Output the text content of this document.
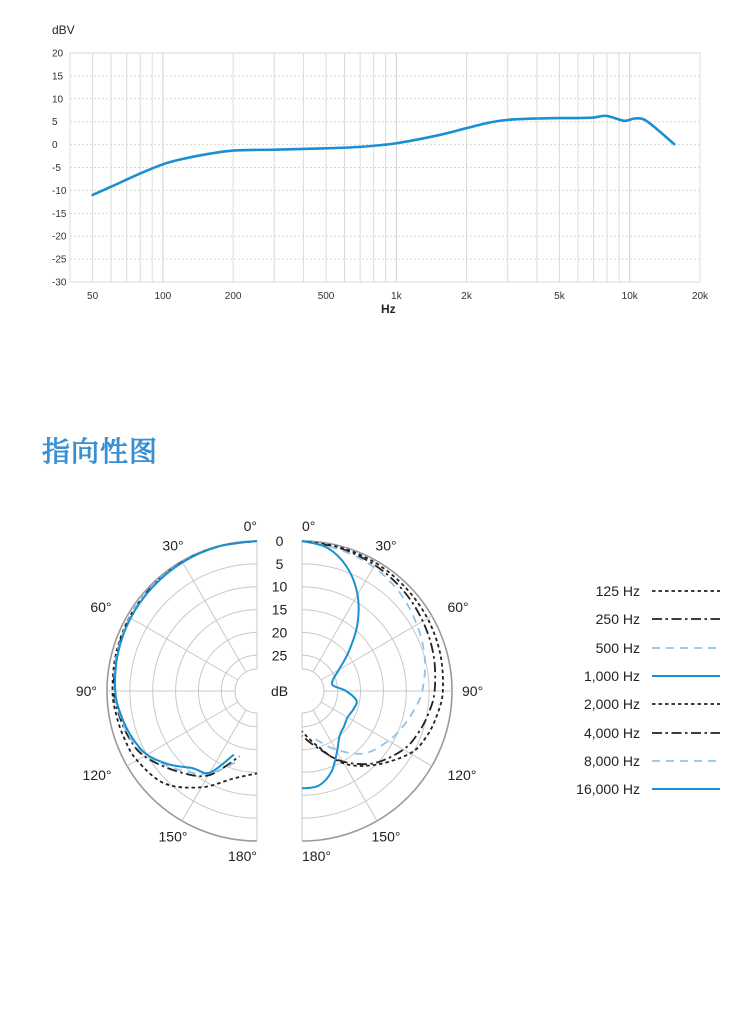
20
15
10
5
0
-5
-10
-15
-20
-25
-30
50	100	200	500	1k	2k	5k	10k	20k
dBV
Hz
指向性图
0°
30°
60°
90°
120°
150°
180°
0°
30°
60°
90°
120°
150°
180°
0
5
10
15
20
25
dB
125 Hz
250 Hz
500 Hz
1,000 Hz
2,000 Hz
4,000 Hz
8,000 Hz
16,000 Hz
